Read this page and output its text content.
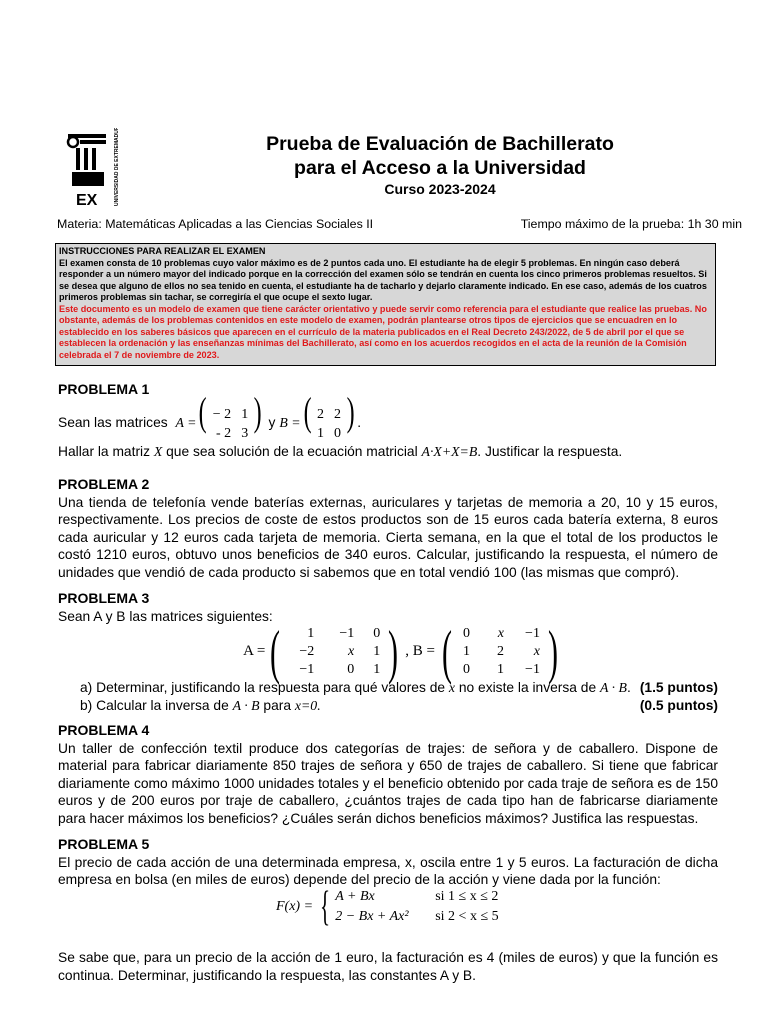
EX	UNIVERSIDAD DE EXTREMADURA	Prueba de Evaluación de Bachillerato
para el Acceso a la Universidad
Curso 2023-2024
Materia: Matemáticas Aplicadas a las Ciencias Sociales II	Tiempo máximo de la prueba: 1h 30 min
INSTRUCCIONES PARA REALIZAR EL EXAMEN
El examen consta de 10 problemas cuyo valor máximo es de 2 puntos cada uno. El estudiante ha de elegir 5 problemas. En ningún caso deberá responder a un número mayor del indicado porque en la corrección del examen sólo se tendrán en cuenta los cinco primeros problemas resueltos. Si se desea que alguno de ellos no sea tenido en cuenta, el estudiante ha de tacharlo y dejarlo claramente indicado. En ese caso, además de los cuatros primeros problemas sin tachar, se corregiría el que ocupe el sexto lugar.
Este documento es un modelo de examen que tiene carácter orientativo y puede servir como referencia para el estudiante que realice las pruebas. No obstante, además de los problemas contenidos en este modelo de examen, podrán plantearse otros tipos de ejercicios que se encuadren en lo establecido en los saberes básicos que aparecen en el currículo de la materia publicados en el Real Decreto 243/2022, de 5 de abril por el que se establecen la ordenación y las enseñanzas mínimas del Bachillerato, así como en los acuerdos recogidos en el acta de la reunión de la Comisión celebrada el 7 de noviembre de 2023.
PROBLEMA 1
Sean las matrices
A = ( − 2 1
- 2 3 ) y B = ( 2 2
1 0 ) .
Hallar la matriz X que sea solución de la ecuación matricial A·X+X=B. Justificar la respuesta.
PROBLEMA 2
Una tienda de telefonía vende baterías externas, auriculares y tarjetas de memoria a 20, 10 y 15 euros, respectivamente. Los precios de coste de estos productos son de 15 euros cada batería externa, 8 euros cada auricular y 12 euros cada tarjeta de memoria. Cierta semana, en la que el total de los productos le costó 1210 euros, obtuvo unos beneficios de 340 euros. Calcular, justificando la respuesta, el número de unidades que vendió de cada producto si sabemos que en total vendió 100 (las mismas que compró).
PROBLEMA 3
Sean A y B las matrices siguientes:
A = (	1	−1	0
−2	x	1
−1	0	1 ) , B = ( 0	x	−1
1	2	x
0	1	−1 )
a) Determinar, justificando la respuesta para qué valores de x no existe la inversa de A · B. (1.5 puntos)
b) Calcular la inversa de A · B para x=0.	(0.5 puntos)
PROBLEMA 4
Un taller de confección textil produce dos categorías de trajes: de señora y de caballero. Dispone de material para fabricar diariamente 850 trajes de señora y 650 de trajes de caballero. Si tiene que fabricar diariamente como máximo 1000 unidades totales y el beneficio obtenido por cada traje de señora es de 150 euros y de 200 euros por traje de caballero, ¿cuántos trajes de cada tipo han de fabricarse diariamente para hacer máximos los beneficios? ¿Cuáles serán dichos beneficios máximos? Justifica las respuestas.
PROBLEMA 5
El precio de cada acción de una determinada empresa, x, oscila entre 1 y 5 euros. La facturación de dicha empresa en bolsa (en miles de euros) depende del precio de la acción y viene dada por la función:
F(x) = { A + Bx	si 1 ≤ x ≤ 2
2 − Bx + Ax²	si 2 < x ≤ 5
Se sabe que, para un precio de la acción de 1 euro, la facturación es 4 (miles de euros) y que la función es continua. Determinar, justificando la respuesta, las constantes A y B.
